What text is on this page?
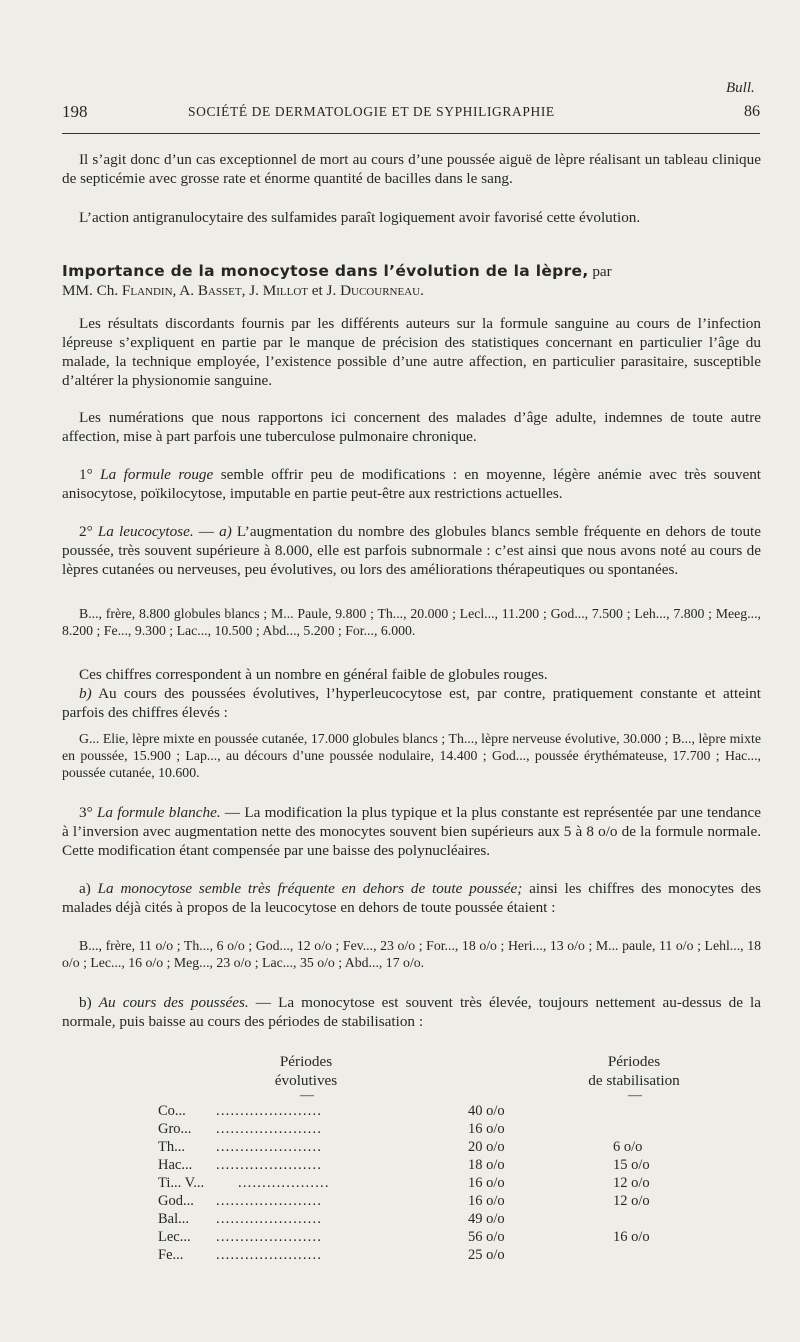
Bull.
198	SOCIÉTÉ DE DERMATOLOGIE ET DE SYPHILIGRAPHIE	86
Il s’agit donc d’un cas exceptionnel de mort au cours d’une poussée aiguë de lèpre réalisant un tableau clinique de septicémie avec grosse rate et énorme quantité de bacilles dans le sang.
L’action antigranulocytaire des sulfamides paraît logiquement avoir favorisé cette évolution.
Importance de la monocytose dans l’évolution de la lèpre, par
MM. Ch. Flandin, A. Basset, J. Millot et J. Ducourneau.
Les résultats discordants fournis par les différents auteurs sur la formule sanguine au cours de l’infection lépreuse s’expliquent en partie par le manque de précision des statistiques concernant en particulier l’âge du malade, la technique employée, l’existence possible d’une autre affection, en particulier parasitaire, susceptible d’altérer la physionomie sanguine.
Les numérations que nous rapportons ici concernent des malades d’âge adulte, indemnes de toute autre affection, mise à part parfois une tuberculose pulmonaire chronique.
1° La formule rouge semble offrir peu de modifications : en moyenne, légère anémie avec très souvent anisocytose, poïkilocytose, imputable en partie peut-être aux restrictions actuelles.
2° La leucocytose. — a) L’augmentation du nombre des globules blancs semble fréquente en dehors de toute poussée, très souvent supérieure à 8.000, elle est parfois subnormale : c’est ainsi que nous avons noté au cours de lèpres cutanées ou nerveuses, peu évolutives, ou lors des améliorations thérapeutiques ou spontanées.
B..., frère, 8.800 globules blancs ; M... Paule, 9.800 ; Th..., 20.000 ; Lecl..., 11.200 ; God..., 7.500 ; Leh..., 7.800 ; Meeg..., 8.200 ; Fe..., 9.300 ; Lac..., 10.500 ; Abd..., 5.200 ; For..., 6.000.
Ces chiffres correspondent à un nombre en général faible de globules rouges.
b) Au cours des poussées évolutives, l’hyperleucocytose est, par contre, pratiquement constante et atteint parfois des chiffres élevés :
G... Elie, lèpre mixte en poussée cutanée, 17.000 globules blancs ; Th..., lèpre nerveuse évolutive, 30.000 ; B..., lèpre mixte en poussée, 15.900 ; Lap..., au décours d’une poussée nodulaire, 14.400 ; God..., poussée érythémateuse, 17.700 ; Hac..., poussée cutanée, 10.600.
3° La formule blanche. — La modification la plus typique et la plus constante est représentée par une tendance à l’inversion avec augmentation nette des monocytes souvent bien supérieurs aux 5 à 8 o/o de la formule normale. Cette modification étant compensée par une baisse des polynucléaires.
a) La monocytose semble très fréquente en dehors de toute poussée; ainsi les chiffres des monocytes des malades déjà cités à propos de la leucocytose en dehors de toute poussée étaient :
B..., frère, 11 o/o ; Th..., 6 o/o ; God..., 12 o/o ; Fev..., 23 o/o ; For..., 18 o/o ; Heri..., 13 o/o ; M... paule, 11 o/o ; Lehl..., 18 o/o ; Lec..., 16 o/o ; Meg..., 23 o/o ; Lac..., 35 o/o ; Abd..., 17 o/o.
b) Au cours des poussées. — La monocytose est souvent très élevée, toujours nettement au-dessus de la normale, puis baisse au cours des périodes de stabilisation :
Périodes
évolutives
Périodes
de stabilisation
—	—
Co... ......................	40 o/o
Gro... ......................	16 o/o
Th... ......................	20 o/o	6 o/o
Hac... ......................	18 o/o	15 o/o
Ti... V... ...................	16 o/o	12 o/o
God... ......................	16 o/o	12 o/o
Bal... ......................	49 o/o
Lec... ......................	56 o/o	16 o/o
Fe... ......................	25 o/o
